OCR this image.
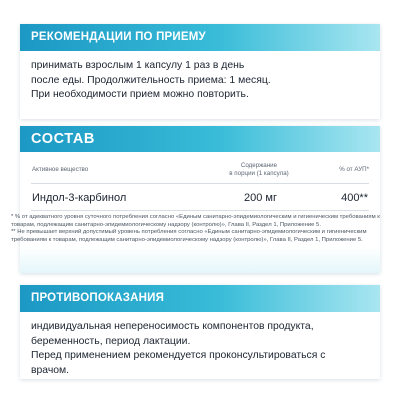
РЕКОМЕНДАЦИИ ПО ПРИЕМУ
принимать взрослым 1 капсулу 1 раз в день
после еды. Продолжительность приема: 1 месяц.
При необходимости прием можно повторить.
СОСТАВ
Активное вещество
Содержание
в порции (1 капсула)
% от АУП*
Индол-3-карбинол	200 мг	400**
* % от адекватного уровня суточного потребления согласно «Единым санитарно-эпидемиологическим и гигиеническим требованиям к товарам, подлежащим санитарно-эпидемиологическому надзору (контролю)», Глава II, Раздел 1, Приложение 5.
** Не превышает верхний допустимый уровень потребления согласно «Единым санитарно-эпидемиологическим и гигиеническим требованиям к товарам, подлежащим санитарно-эпидемиологическому надзору (контролю)», Глава II, Раздел 1, Приложение 5.
ПРОТИВОПОКАЗАНИЯ
индивидуальная непереносимость компонентов продукта,
беременность, период лактации.
Перед применением рекомендуется проконсультироваться с
врачом.
